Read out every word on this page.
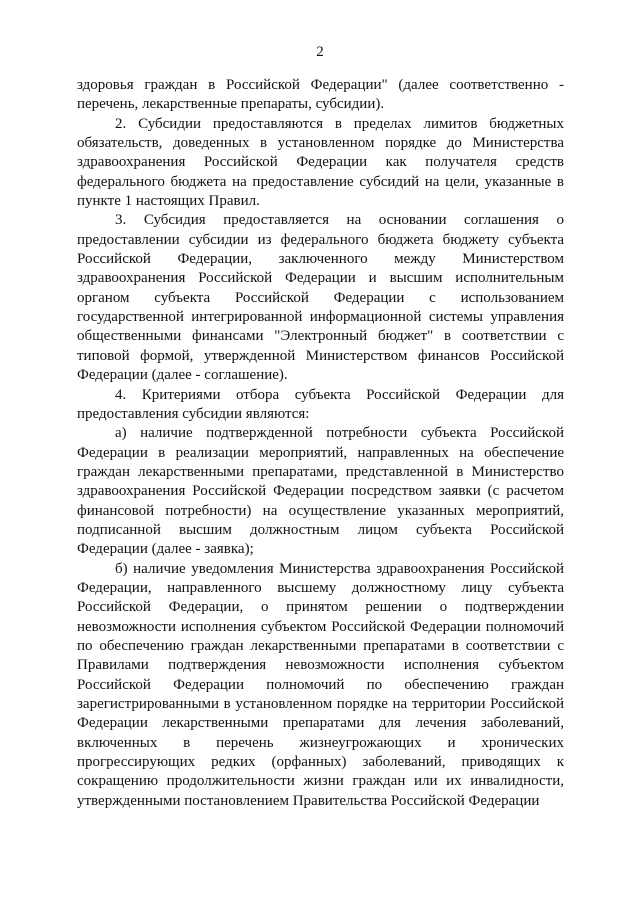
2

здоровья граждан в Российской Федерации" (далее соответственно - перечень, лекарственные препараты, субсидии).

2. Субсидии предоставляются в пределах лимитов бюджетных обязательств, доведенных в установленном порядке до Министерства здравоохранения Российской Федерации как получателя средств федерального бюджета на предоставление субсидий на цели, указанные в пункте 1 настоящих Правил.

3. Субсидия предоставляется на основании соглашения о предоставлении субсидии из федерального бюджета бюджету субъекта Российской Федерации, заключенного между Министерством здравоохранения Российской Федерации и высшим исполнительным органом субъекта Российской Федерации с использованием государственной интегрированной информационной системы управления общественными финансами "Электронный бюджет" в соответствии с типовой формой, утвержденной Министерством финансов Российской Федерации (далее - соглашение).

4. Критериями отбора субъекта Российской Федерации для предоставления субсидии являются:

а) наличие подтвержденной потребности субъекта Российской Федерации в реализации мероприятий, направленных на обеспечение граждан лекарственными препаратами, представленной в Министерство здравоохранения Российской Федерации посредством заявки (с расчетом финансовой потребности) на осуществление указанных мероприятий, подписанной высшим должностным лицом субъекта Российской Федерации (далее - заявка);

б) наличие уведомления Министерства здравоохранения Российской Федерации, направленного высшему должностному лицу субъекта Российской Федерации, о принятом решении о подтверждении невозможности исполнения субъектом Российской Федерации полномочий по обеспечению граждан лекарственными препаратами в соответствии с Правилами подтверждения невозможности исполнения субъектом Российской Федерации полномочий по обеспечению граждан зарегистрированными в установленном порядке на территории Российской Федерации лекарственными препаратами для лечения заболеваний, включенных в перечень жизнеугрожающих и хронических прогрессирующих редких (орфанных) заболеваний, приводящих к сокращению продолжительности жизни граждан или их инвалидности, утвержденными постановлением Правительства Российской Федерации
